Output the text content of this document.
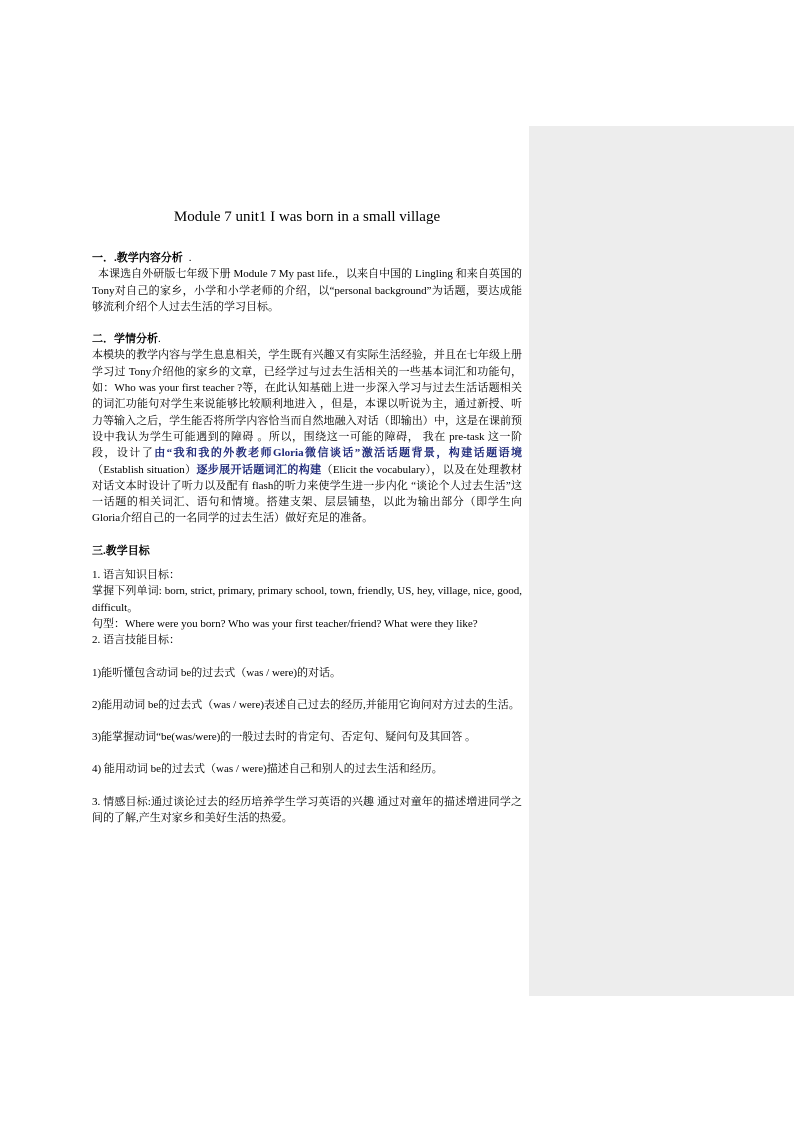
Module 7 unit1 I was born in a small village

一．.教学内容分析 .

本课选自外研版七年级下册 Module 7 My past life.，以来自中国的 Lingling 和来自英国的 Tony对自己的家乡，小学和小学老师的介绍，以“personal background”为话题，要达成能够流利介绍个人过去生活的学习目标。

二．学情分析.

本模块的教学内容与学生息息相关，学生既有兴趣又有实际生活经验，并且在七年级上册学习过 Tony介绍他的家乡的文章，已经学过与过去生活相关的一些基本词汇和功能句，如：Who was your first teacher ?等，在此认知基础上进一步深入学习与过去生活话题相关的词汇功能句对学生来说能够比较顺利地进入 ，但是，本课以听说为主，通过新授、听力等输入之后，学生能否将所学内容恰当而自然地融入对话（即输出）中，这是在课前预设中我认为学生可能遇到的障碍 。所以，围绕这一可能的障碍， 我在 pre-task 这一阶段，设计了由“我和我的外教老师Gloria微信谈话”激活话题背景，构建话题语境（Establish situation）逐步展开话题词汇的构建（Elicit the vocabulary），以及在处理教材对话文本时设计了听力以及配有 flash的听力来使学生进一步内化 “谈论个人过去生活”这一话题的相关词汇、语句和情境。搭建支架、层层铺垫，以此为输出部分（即学生向Gloria介绍自己的一名同学的过去生活）做好充足的准备。

三.教学目标

1. 语言知识目标：

掌握下列单词: born, strict, primary, primary school, town, friendly, US, hey, village, nice, good, difficult。

句型：Where were you born? Who was your first teacher/friend? What were they like?

2. 语言技能目标：

1)能听懂包含动词 be的过去式（was / were)的对话。

2)能用动词 be的过去式（was / were)表述自己过去的经历,并能用它询问对方过去的生活。

3)能掌握动词“be(was/were)的一般过去时的肯定句、否定句、疑问句及其回答 。

4) 能用动词 be的过去式（was / were)描述自己和别人的过去生活和经历。

3. 情感目标:通过谈论过去的经历培养学生学习英语的兴趣 通过对童年的描述增进同学之间的了解,产生对家乡和美好生活的热爱。
